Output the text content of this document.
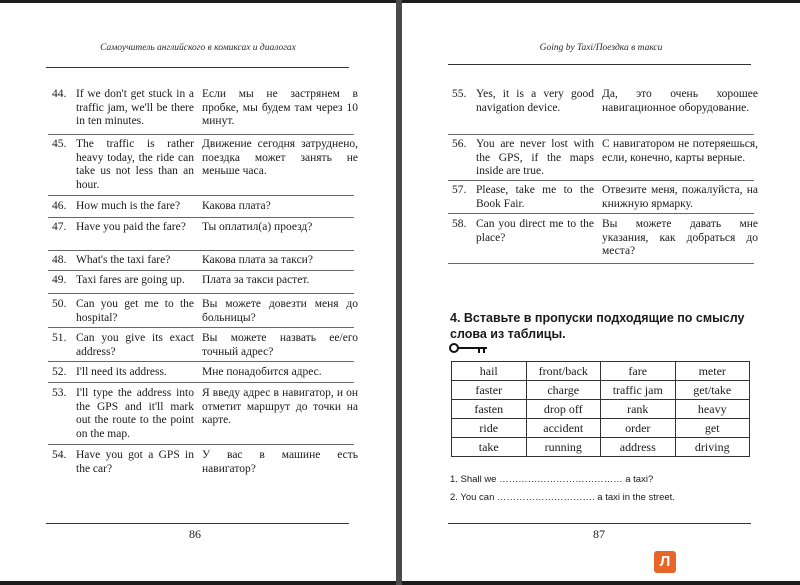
Самоучитель английского в комиксах и диалогах
44. If we don't get stuck in a traffic jam, we'll be there in ten minutes.
Если мы не застрянем в пробке, мы будем там через 10 минут.
45. The traffic is rather heavy today, the ride can take us not less than an hour.
Движение сегодня затруднено, поездка может занять не меньше часа.
46. How much is the fare?	Какова плата?
47. Have you paid the fare?	Ты оплатил(а) проезд?
48. What's the taxi fare?	Какова плата за такси?
49. Taxi fares are going up.	Плата за такси растет.
50. Can you get me to the hospital?
Вы можете довезти меня до больницы?
51. Can you give its exact address?
Вы можете назвать ее/его точный адрес?
52. I'll need its address.	Мне понадобится адрес.
53. I'll type the address into the GPS and it'll mark out the route to the point on the map.
Я введу адрес в навигатор, и он отметит маршрут до точки на карте.
54. Have you got a GPS in the car?
У вас в машине есть навигатор?
86
Going by Taxi/Поездка в такси
55. Yes, it is a very good navigation device.
Да, это очень хорошее навигационное оборудование.
56. You are never lost with the GPS, if the maps inside are true.
С навигатором не потеряешься, если, конечно, карты верные.
57. Please, take me to the Book Fair.
Отвезите меня, пожалуйста, на книжную ярмарку.
58. Can you direct me to the place?
Вы можете давать мне указания, как добраться до места?
87
4. Вставьте в пропуски подходящие по смыслу слова из таблицы.
hail	front/back	fare	meter
faster	charge	traffic jam	get/take
fasten	drop off	rank	heavy
ride	accident	order	get
take	running	address	driving
1. Shall we ………………………………… a taxi?
2. You can …………………………. a taxi in the street.
Л
